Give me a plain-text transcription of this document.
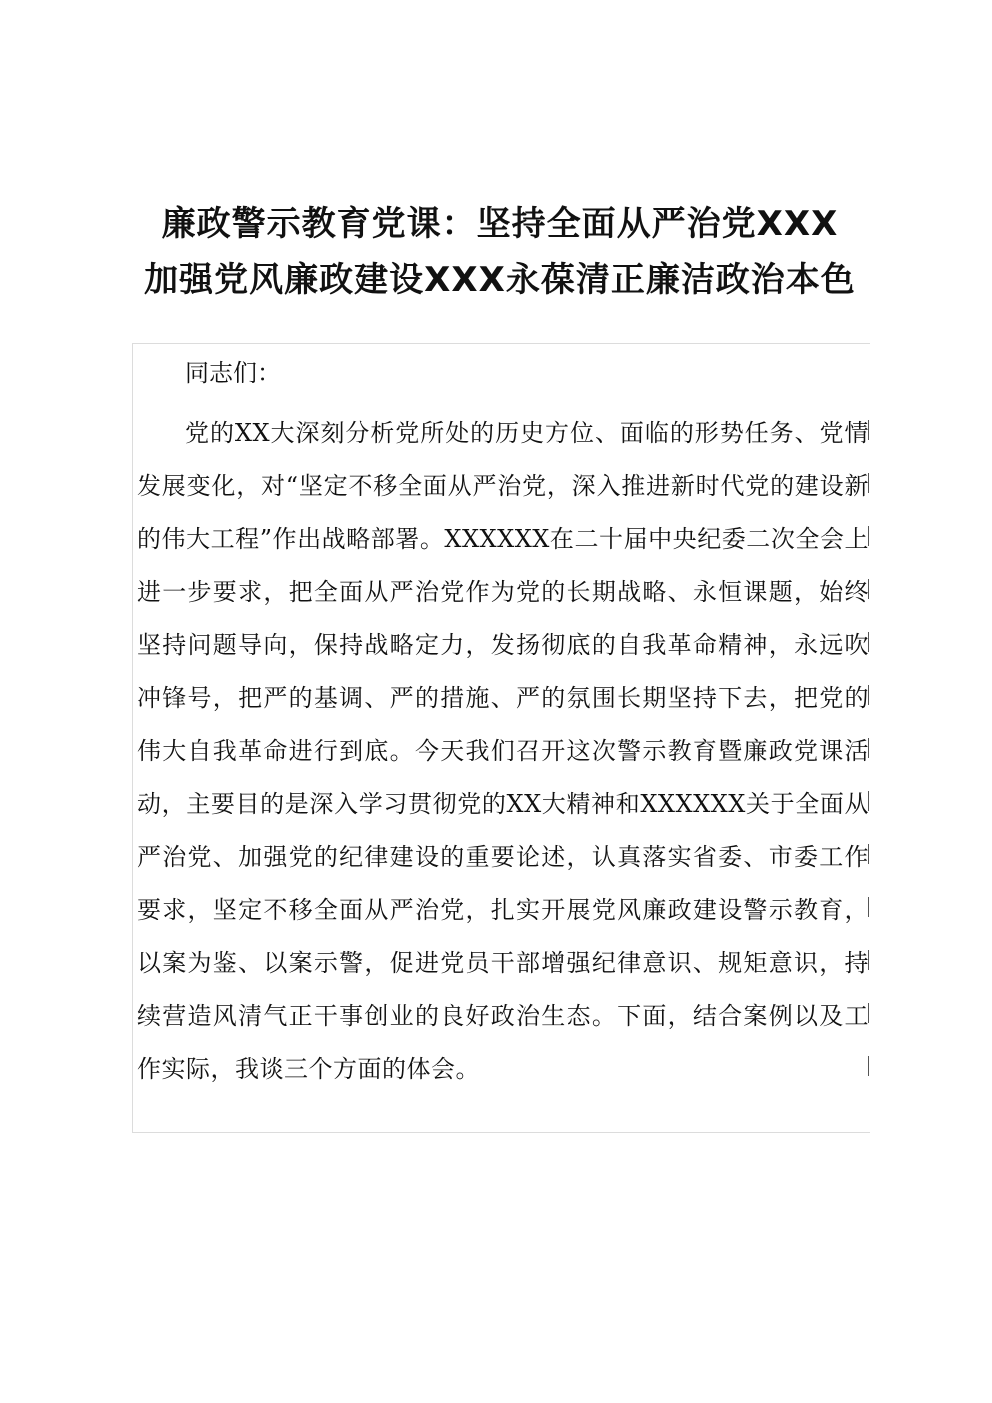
廉政警示教育党课：坚持全面从严治党XXX
加强党风廉政建设XXX永葆清正廉洁政治本色

同志们：

党的XX大深刻分析党所处的历史方位、面临的形势任务、党情发展变化，对“坚定不移全面从严治党，深入推进新时代党的建设新的伟大工程”作出战略部署。XXXXXX在二十届中央纪委二次全会上进一步要求，把全面从严治党作为党的长期战略、永恒课题，始终坚持问题导向，保持战略定力，发扬彻底的自我革命精神，永远吹冲锋号，把严的基调、严的措施、严的氛围长期坚持下去，把党的伟大自我革命进行到底。今天我们召开这次警示教育暨廉政党课活动，主要目的是深入学习贯彻党的XX大精神和XXXXXX关于全面从严治党、加强党的纪律建设的重要论述，认真落实省委、市委工作要求，坚定不移全面从严治党，扎实开展党风廉政建设警示教育，以案为鉴、以案示警，促进党员干部增强纪律意识、规矩意识，持续营造风清气正干事创业的良好政治生态。下面，结合案例以及工作实际，我谈三个方面的体会。
